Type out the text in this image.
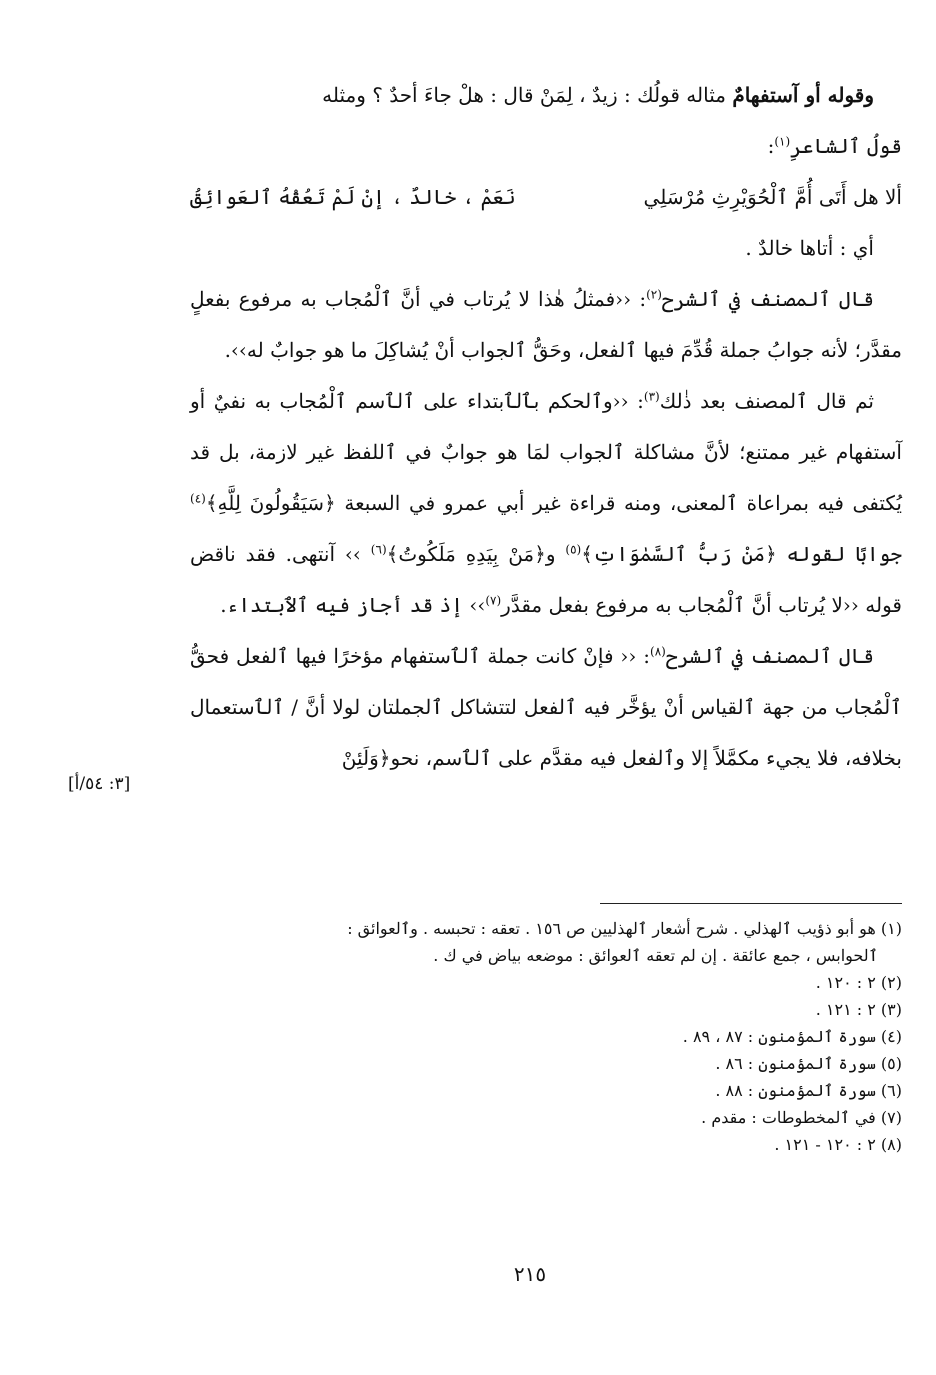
وقوله أو آستفهامٌ مثاله قولُك : زيدٌ ، لِمَنْ قال : هلْ جاءَ أحدٌ ؟ ومثله

قولُ ٱلشاعرِ$^{(١)}$:

ألا هل أَتَى أُمَّ ٱلْحُوَيْرِثِ مُرْسَلِي
نَعَمْ ، خالدٌ ، إنْ لَمْ تَعُقْهُ ٱلعَوائِقُ

أي : أتاها خالدٌ .

قال ٱلمصنف في ٱلشرح$^{(٢)}$: ‹‹فمثلُ هٰذا لا يُرتاب في أنَّ ٱلْمُجاب به مرفوع بفعلٍ مقدَّر؛ لأنه جوابُ جملة قُدِّمَ فيها ٱلفعل، وحَقُّ ٱلجواب أنْ يُشاكِلَ ما هو جوابٌ له››.

ثم قال ٱلمصنف بعد ذٰلك$^{(٣)}$: ‹‹وٱلحكم بٱلٱبتداء على ٱلٱسم ٱلْمُجاب به نفيٌ أو آستفهام غير ممتنع؛ لأنَّ مشاكلة ٱلجواب لمَا هو جوابٌ في ٱللفظ غير لازمة، بل قد يُكتفى فيه بمراعاة ٱلمعنى، ومنه قراءة غير أبي عمرو في السبعة ﴿سَيَقُولُونَ لِلَّهِ﴾$^{(٤)}$ جوابًا لقوله ﴿مَنْ رَبُّ ٱلسَّمٰوَاتِ﴾$^{(٥)}$ و﴿مَنْ بِيَدِهِ مَلَكُوتُ﴾$^{(٦)}$ ›› آنتهى. فقد ناقض قوله ‹‹لا يُرتاب أنَّ ٱلْمُجاب به مرفوع بفعل مقدَّر$^{(٧)}$›› إذ قد أجاز فيه ٱلٱبتداء.

قال ٱلمصنف في ٱلشرح$^{(٨)}$: ‹‹ فإنْ كانت جملة ٱلٱستفهام مؤخرًا فيها ٱلفعل فحقُّ ٱلْمُجاب من جهة ٱلقياس أنْ يؤخَّر فيه ٱلفعل لتتشاكل ٱلجملتان لولا أنَّ / ٱلٱستعمال بخلافه، فلا يجيء مكمَّلاً إلا وٱلفعل فيه مقدَّم على ٱلٱسم، نحو﴿وَلَئِنْ

[٣: ٥٤/أ]

(١) هو أبو ذؤيب ٱلهذلي . شرح أشعار ٱلهذليين ص ١٥٦ . تعقه : تحبسه . وٱلعوائق :

ٱلحوابس ، جمع عائقة . إن لم تعقه ٱلعوائق : موضعه بياض في ك .

(٢) ٢ : ١٢٠ .

(٣) ٢ : ١٢١ .

(٤) سورة ٱلمؤمنون : ٨٧ ، ٨٩ .

(٥) سورة ٱلمؤمنون : ٨٦ .

(٦) سورة ٱلمؤمنون : ٨٨ .

(٧) في ٱلمخطوطات : مقدم .

(٨) ٢ : ١٢٠ - ١٢١ .

٢١٥
